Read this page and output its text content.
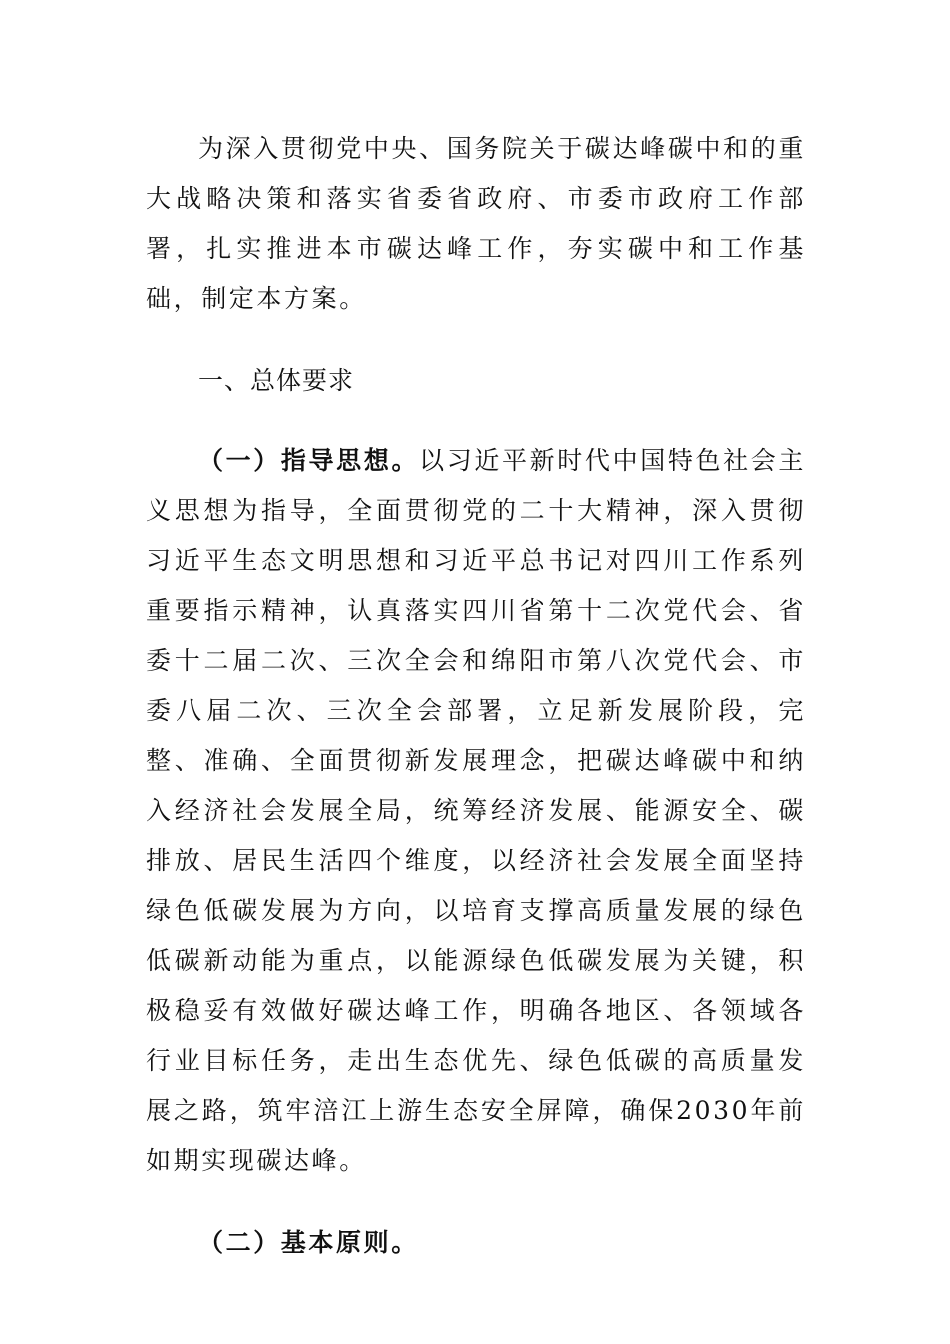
为深入贯彻党中央、国务院关于碳达峰碳中和的重大战略决策和落实省委省政府、市委市政府工作部署，扎实推进本市碳达峰工作，夯实碳中和工作基础，制定本方案。

一、总体要求

（一）指导思想。以习近平新时代中国特色社会主义思想为指导，全面贯彻党的二十大精神，深入贯彻习近平生态文明思想和习近平总书记对四川工作系列重要指示精神，认真落实四川省第十二次党代会、省委十二届二次、三次全会和绵阳市第八次党代会、市委八届二次、三次全会部署，立足新发展阶段，完整、准确、全面贯彻新发展理念，把碳达峰碳中和纳入经济社会发展全局，统筹经济发展、能源安全、碳排放、居民生活四个维度，以经济社会发展全面坚持绿色低碳发展为方向，以培育支撑高质量发展的绿色低碳新动能为重点，以能源绿色低碳发展为关键，积极稳妥有效做好碳达峰工作，明确各地区、各领域各行业目标任务，走出生态优先、绿色低碳的高质量发展之路，筑牢涪江上游生态安全屏障，确保2030年前如期实现碳达峰。

（二）基本原则。
